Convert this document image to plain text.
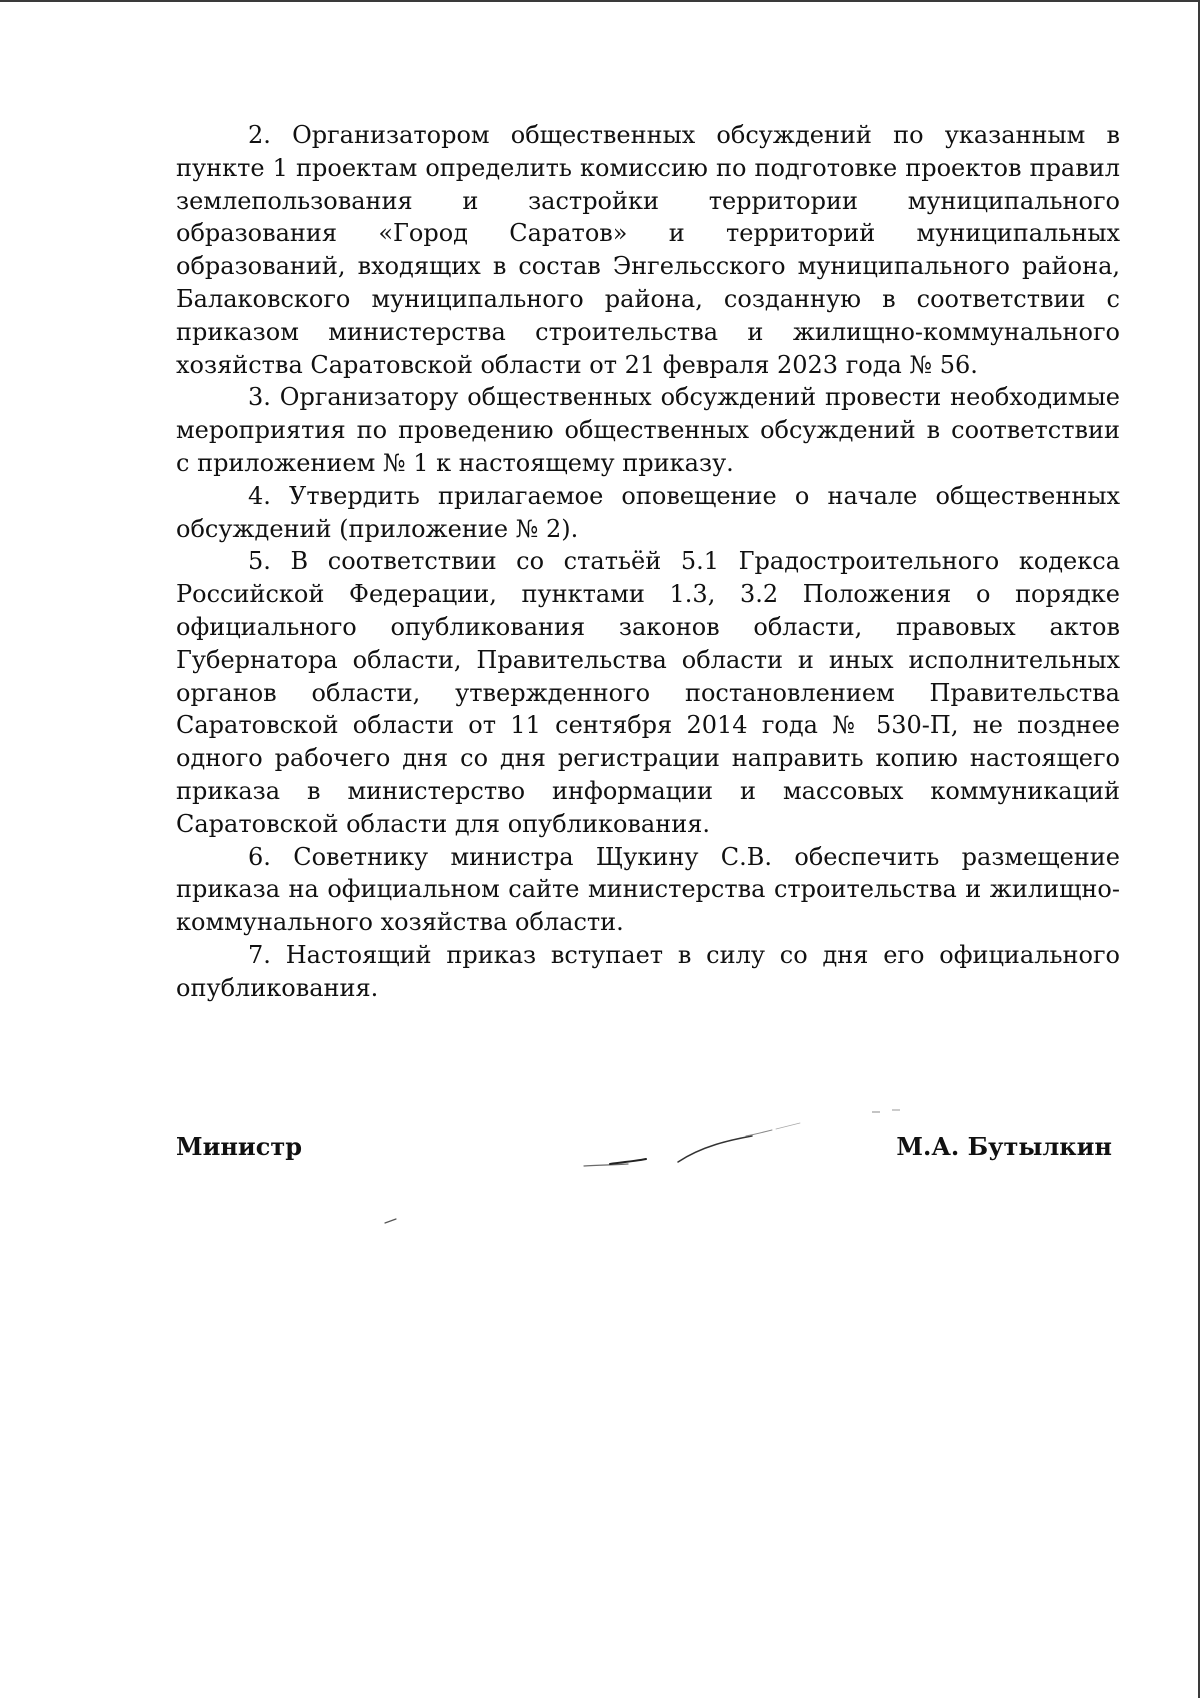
2. Организатором общественных обсуждений по указанным в пункте 1 проектам определить комиссию по подготовке проектов правил землепользования и застройки территории муниципального образования «Город Саратов» и территорий муниципальных образований, входящих в состав Энгельсского муниципального района, Балаковского муниципального района, созданную в соответствии с приказом министерства строительства и жилищно-коммунального хозяйства Саратовской области от 21 февраля 2023 года № 56.

3. Организатору общественных обсуждений провести необходимые мероприятия по проведению общественных обсуждений в соответствии с приложением № 1 к настоящему приказу.

4. Утвердить прилагаемое оповещение о начале общественных обсуждений (приложение № 2).

5. В соответствии со статьёй 5.1 Градостроительного кодекса Российской Федерации, пунктами 1.3, 3.2 Положения о порядке официального опубликования законов области, правовых актов Губернатора области, Правительства области и иных исполнительных органов области, утвержденного постановлением Правительства Саратовской области от 11 сентября 2014 года № 530-П, не позднее одного рабочего дня со дня регистрации направить копию настоящего приказа в министерство информации и массовых коммуникаций Саратовской области для опубликования.

6. Советнику министра Щукину С.В. обеспечить размещение приказа на официальном сайте министерства строительства и жилищно-коммунального хозяйства области.

7. Настоящий приказ вступает в силу со дня его официального опубликования.

Министр	М.А. Бутылкин
